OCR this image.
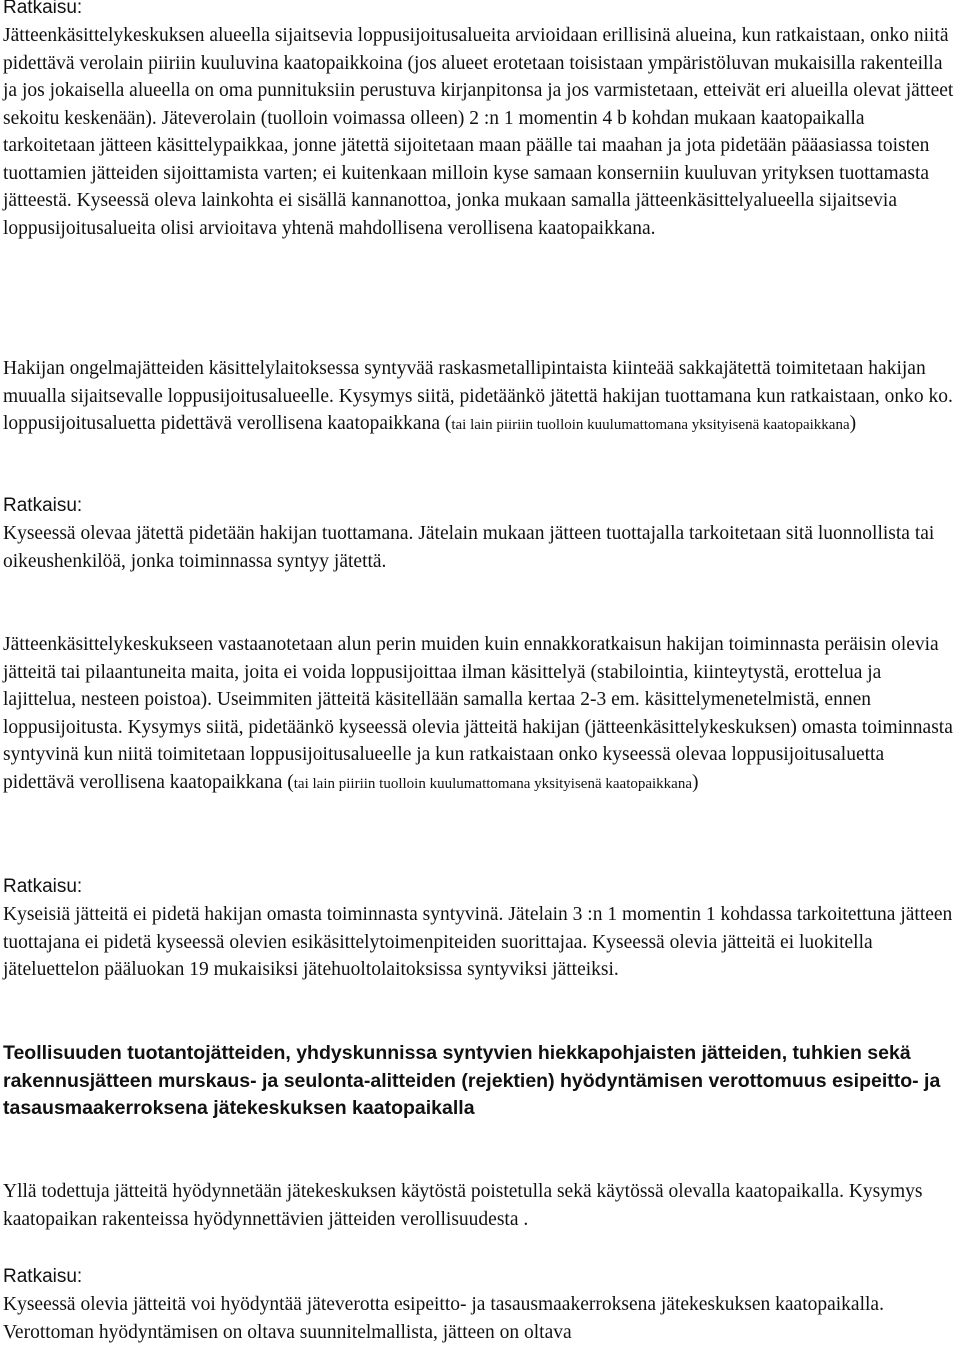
Ratkaisu:
Jätteenkäsittelykeskuksen alueella sijaitsevia loppusijoitusalueita arvioidaan erillisinä alueina, kun ratkaistaan, onko niitä pidettävä verolain piiriin kuuluvina kaatopaikkoina (jos alueet erotetaan toisistaan ympäristöluvan mukaisilla rakenteilla ja jos jokaisella alueella on oma punnituksiin perustuva kirjanpitonsa ja jos varmistetaan, etteivät eri alueilla olevat jätteet sekoitu keskenään). Jäteverolain (tuolloin voimassa olleen) 2 :n 1 momentin 4 b kohdan mukaan kaatopaikalla tarkoitetaan jätteen käsittelypaikkaa, jonne jätettä sijoitetaan maan päälle tai maahan ja jota pidetään pääasiassa toisten tuottamien jätteiden sijoittamista varten; ei kuitenkaan milloin kyse samaan konserniin kuuluvan yrityksen tuottamasta jätteestä. Kyseessä oleva lainkohta ei sisällä kannanottoa, jonka mukaan samalla jätteenkäsittelyalueella sijaitsevia loppusijoitusalueita olisi arvioitava yhtenä mahdollisena verollisena kaatopaikkana.
Hakijan ongelmajätteiden käsittelylaitoksessa syntyvää raskasmetallipintaista kiinteää sakkajätettä toimitetaan hakijan muualla sijaitsevalle loppusijoitusalueelle. Kysymys siitä, pidetäänkö jätettä hakijan tuottamana kun ratkaistaan, onko ko. loppusijoitusaluetta pidettävä verollisena kaatopaikkana (tai lain piiriin tuolloin kuulumattomana yksityisenä kaatopaikkana)
Ratkaisu:
Kyseessä olevaa jätettä pidetään hakijan tuottamana. Jätelain mukaan jätteen tuottajalla tarkoitetaan sitä luonnollista tai oikeushenkilöä, jonka toiminnassa syntyy jätettä.
Jätteenkäsittelykeskukseen vastaanotetaan alun perin muiden kuin ennakkoratkaisun hakijan toiminnasta peräisin olevia jätteitä tai pilaantuneita maita, joita ei voida loppusijoittaa ilman käsittelyä (stabilointia, kiinteytystä, erottelua ja lajittelua, nesteen poistoa). Useimmiten jätteitä käsitellään samalla kertaa 2-3 em. käsittelymenetelmistä, ennen loppusijoitusta. Kysymys siitä, pidetäänkö kyseessä olevia jätteitä hakijan (jätteenkäsittelykeskuksen) omasta toiminnasta syntyvinä kun niitä toimitetaan loppusijoitusalueelle ja kun ratkaistaan onko kyseessä olevaa loppusijoitusaluetta pidettävä verollisena kaatopaikkana (tai lain piiriin tuolloin kuulumattomana yksityisenä kaatopaikkana)
Ratkaisu:
Kyseisiä jätteitä ei pidetä hakijan omasta toiminnasta syntyvinä. Jätelain 3 :n 1 momentin 1 kohdassa tarkoitettuna jätteen tuottajana ei pidetä kyseessä olevien esikäsittelytoimenpiteiden suorittajaa. Kyseessä olevia jätteitä ei luokitella jäteluettelon pääluokan 19 mukaisiksi jätehuoltolaitoksissa syntyviksi jätteiksi.
Teollisuuden tuotantojätteiden, yhdyskunnissa syntyvien hiekkapohjaisten jätteiden, tuhkien sekä rakennusjätteen murskaus- ja seulonta-alitteiden (rejektien) hyödyntämisen verottomuus esipeitto- ja tasausmaakerroksena jätekeskuksen kaatopaikalla
Yllä todettuja jätteitä hyödynnetään jätekeskuksen käytöstä poistetulla sekä käytössä olevalla kaatopaikalla. Kysymys kaatopaikan rakenteissa hyödynnettävien jätteiden verollisuudesta .
Ratkaisu:
Kyseessä olevia jätteitä voi hyödyntää jäteverotta esipeitto- ja tasausmaakerroksena jätekeskuksen kaatopaikalla. Verottoman hyödyntämisen on oltava suunnitelmallista, jätteen on oltava
